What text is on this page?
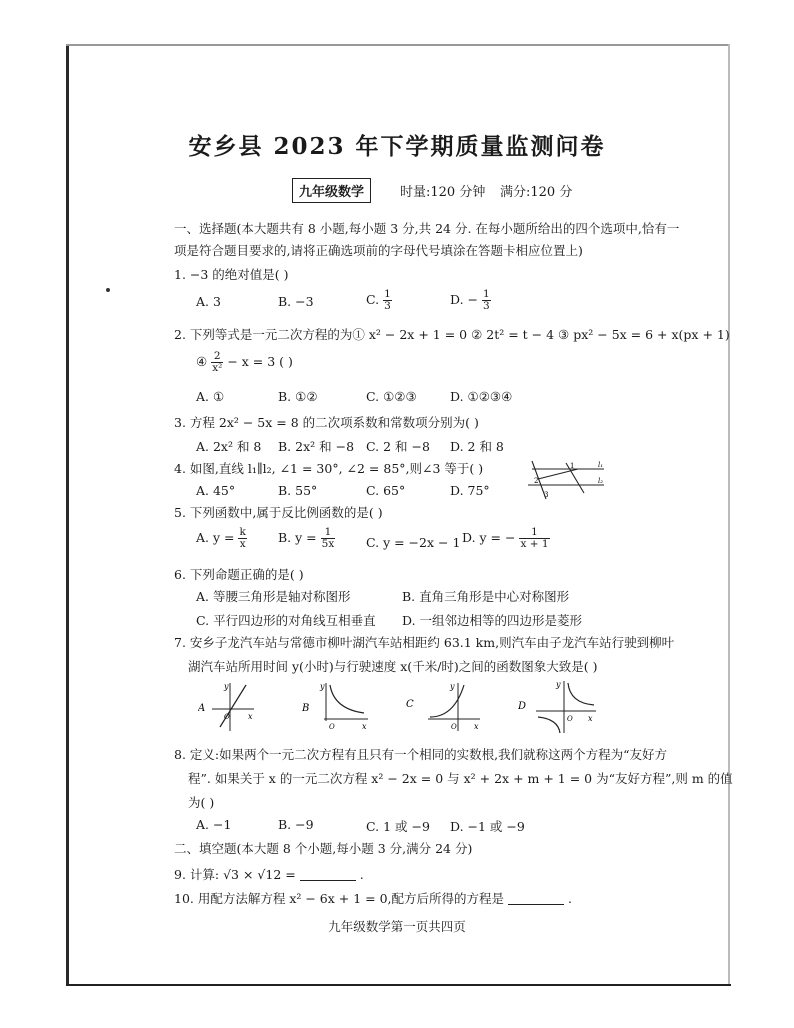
安乡县 2023 年下学期质量监测问卷
九年级数学	时量:120 分钟 满分:120 分
一、选择题(本大题共有 8 小题,每小题 3 分,共 24 分. 在每小题所给出的四个选项中,恰有一
项是符合题目要求的,请将正确选项前的字母代号填涂在答题卡相应位置上)
1. −3 的绝对值是( )
A. 3	B. −3	C. $\frac{1}{3}$	D. − $\frac{1}{3}$
2. 下列等式是一元二次方程的为① x² − 2x + 1 = 0 ② 2t² = t − 4 ③ px² − 5x = 6 + x(px + 1)
④ $\frac{2}{\text{x²}} - x = 3$ ( )
A. ①	B. ①②	C. ①②③	D. ①②③④
3. 方程 2x² − 5x = 8 的二次项系数和常数项分别为( )
A. 2x² 和 8 B. 2x² 和 −8 C. 2 和 −8 D. 2 和 8
4. 如图,直线 l₁∥l₂, ∠1 = 30°, ∠2 = 85°,则∠3 等于( )
A. 45°	B. 55°	C. 65°	D. 75°
1
2
3
l₁
l₂
5. 下列函数中,属于反比例函数的是( )
A. $y = \frac{k}{x} B$. $y = \frac{1}{5x} C$. y = −2x − 1 D. y = − $\frac{1}{x + 1}$
6. 下列命题正确的是( )
A. 等腰三角形是轴对称图形	B. 直角三角形是中心对称图形
C. 平行四边形的对角线互相垂直 D. 一组邻边相等的四边形是菱形
7. 安乡子龙汽车站与常德市柳叶湖汽车站相距约 63.1 km,则汽车由子龙汽车站行驶到柳叶
湖汽车站所用时间 y(小时)与行驶速度 x(千米/时)之间的函数图象大致是( )
A
y
x
O
B
y
x
O
C
y
x
O
D
y
x
O
8. 定义:如果两个一元二次方程有且只有一个相同的实数根,我们就称这两个方程为“友好方
程”. 如果关于 x 的一元二次方程 x² − 2x = 0 与 x² + 2x + m + 1 = 0 为“友好方程”,则 m 的值
为( )
A. −1	B. −9	C. 1 或 −9 D. −1 或 −9
二、填空题(本大题 8 个小题,每小题 3 分,满分 24 分)
9. 计算: √3 × √12 =	.
10. 用配方法解方程 x² − 6x + 1 = 0,配方后所得的方程是	.
九年级数学第一页共四页
